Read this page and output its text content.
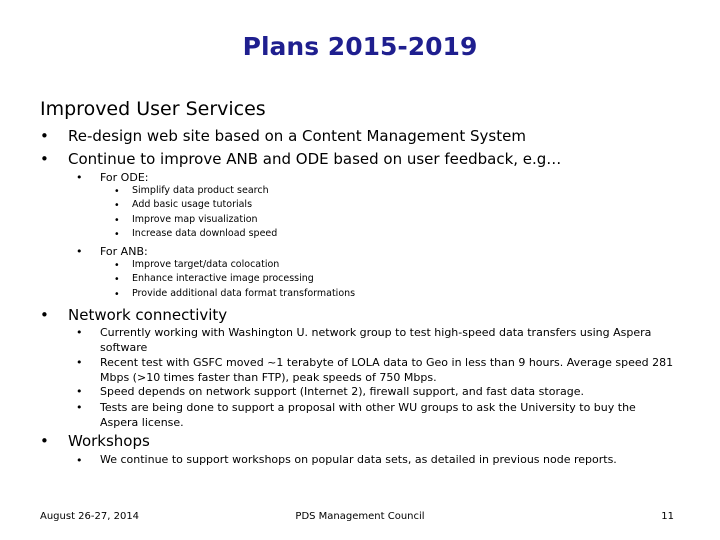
Plans 2015-2019
Improved User Services
• Re-design web site based on a Content Management System
• Continue to improve ANB and ODE based on user feedback, e.g…
• For ODE:
• Simplify data product search
• Add basic usage tutorials
• Improve map visualization
• Increase data download speed
• For ANB:
• Improve target/data colocation
• Enhance interactive image processing
• Provide additional data format transformations
• Network connectivity
• Currently working with Washington U. network group to test high-speed data transfers using Aspera software
• Recent test with GSFC moved ~1 terabyte of LOLA data to Geo in less than 9 hours. Average speed 281 Mbps (>10 times faster than FTP), peak speeds of 750 Mbps.
• Speed depends on network support (Internet 2), firewall support, and fast data storage.
• Tests are being done to support a proposal with other WU groups to ask the University to buy the Aspera license.
• Workshops
• We continue to support workshops on popular data sets, as detailed in previous node reports.
August 26-27, 2014	PDS Management Council	11
